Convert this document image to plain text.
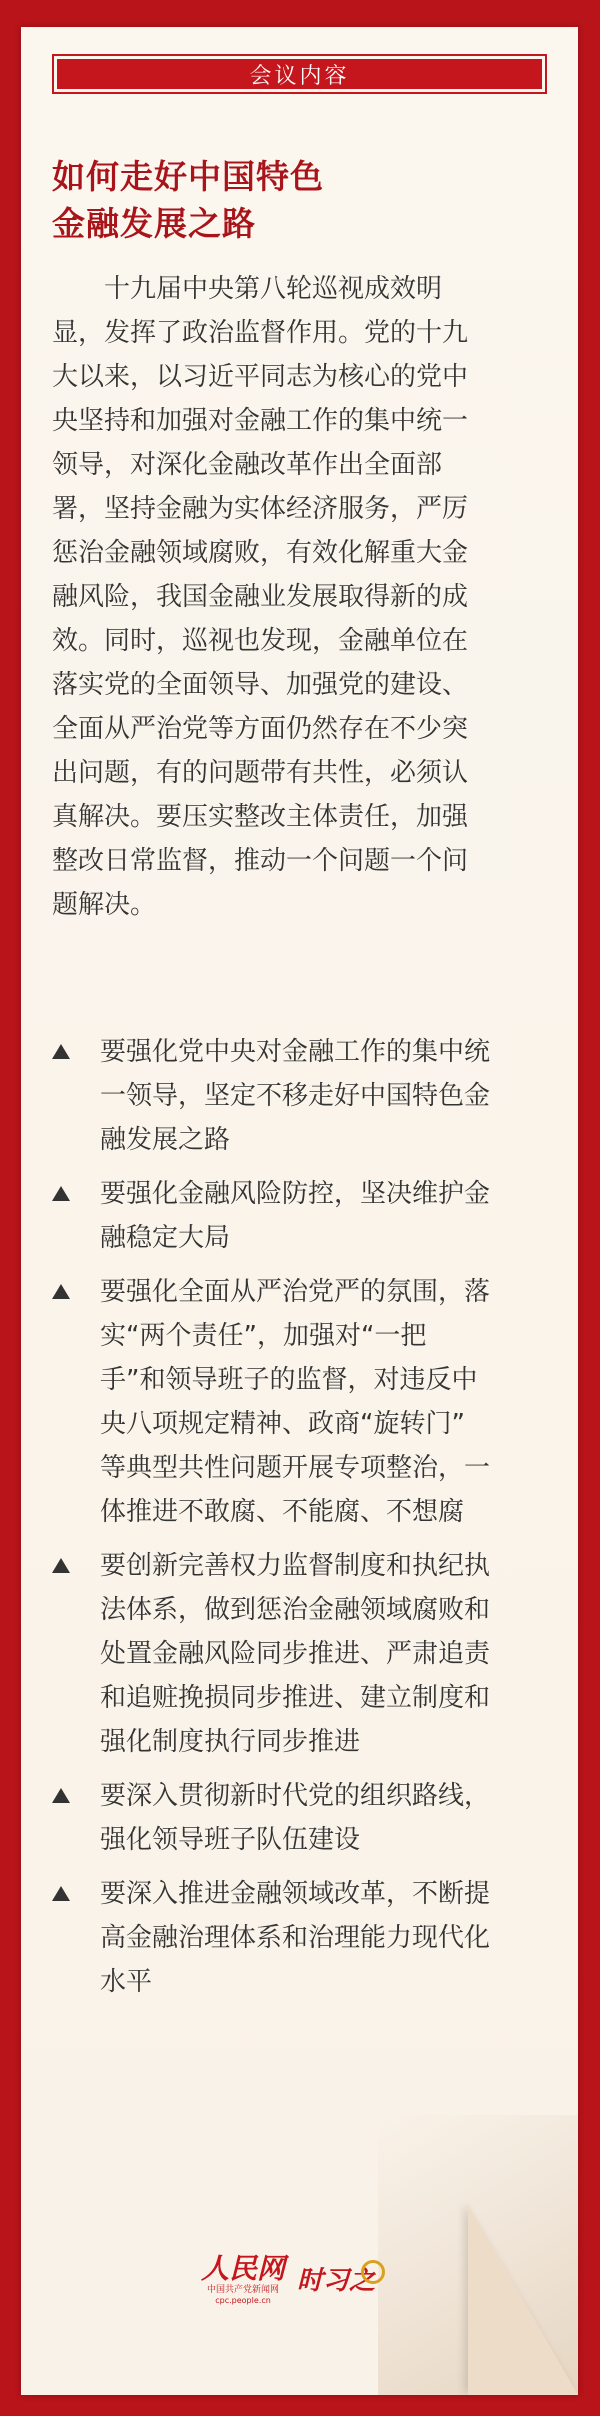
会议内容
如何走好中国特色
金融发展之路
　　十九届中央第八轮巡视成效明
显，发挥了政治监督作用。党的十九
大以来，以习近平同志为核心的党中
央坚持和加强对金融工作的集中统一
领导，对深化金融改革作出全面部
署，坚持金融为实体经济服务，严厉
惩治金融领域腐败，有效化解重大金
融风险，我国金融业发展取得新的成
效。同时，巡视也发现，金融单位在
落实党的全面领导、加强党的建设、
全面从严治党等方面仍然存在不少突
出问题，有的问题带有共性，必须认
真解决。要压实整改主体责任，加强
整改日常监督，推动一个问题一个问
题解决。
要强化党中央对金融工作的集中统
一领导，坚定不移走好中国特色金
融发展之路
要强化金融风险防控，坚决维护金
融稳定大局
要强化全面从严治党严的氛围，落
实“两个责任”，加强对“一把
手”和领导班子的监督，对违反中
央八项规定精神、政商“旋转门”
等典型共性问题开展专项整治，一
体推进不敢腐、不能腐、不想腐
要创新完善权力监督制度和执纪执
法体系，做到惩治金融领域腐败和
处置金融风险同步推进、严肃追责
和追赃挽损同步推进、建立制度和
强化制度执行同步推进
要深入贯彻新时代党的组织路线，
强化领导班子队伍建设
要深入推进金融领域改革，不断提
高金融治理体系和治理能力现代化
水平
人民网
中国共产党新闻网
cpc.people.cn
时习之
